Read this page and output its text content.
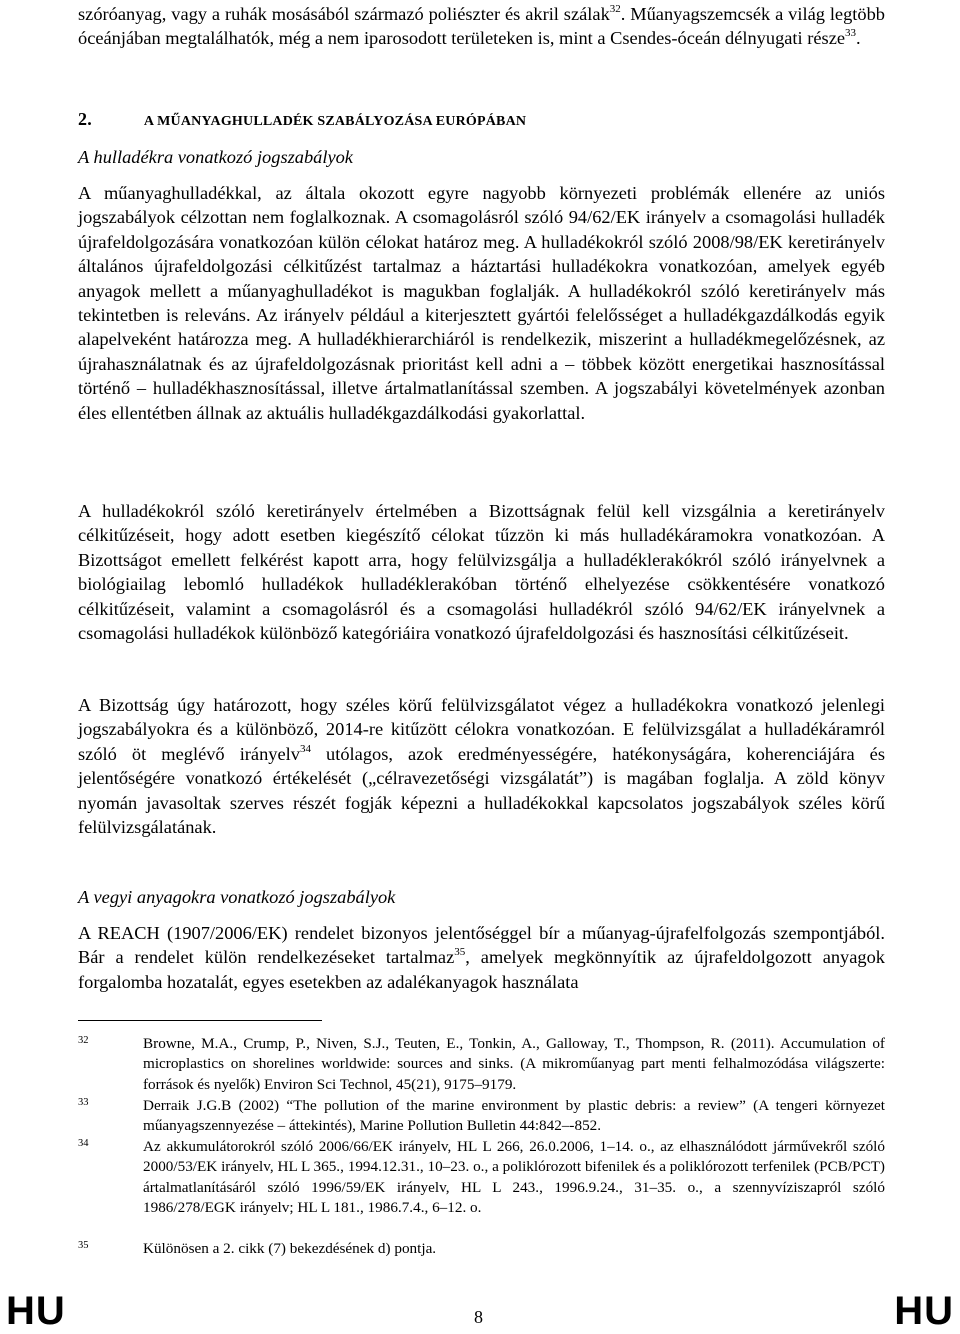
szóróanyag, vagy a ruhák mosásából származó poliészter és akril szálak$^{32}$. Műanyagszemcsék a világ legtöbb óceánjában megtalálhatók, még a nem iparosodott területeken is, mint a Csendes-óceán délnyugati része$^{33}$.

2.	A MŰANYAGHULLADÉK SZABÁLYOZÁSA EURÓPÁBAN

A hulladékra vonatkozó jogszabályok

A műanyaghulladékkal, az általa okozott egyre nagyobb környezeti problémák ellenére az uniós jogszabályok célzottan nem foglalkoznak. A csomagolásról szóló 94/62/EK irányelv a csomagolási hulladék újrafeldolgozására vonatkozóan külön célokat határoz meg. A hulladékokról szóló 2008/98/EK keretirányelv általános újrafeldolgozási célkitűzést tartalmaz a háztartási hulladékokra vonatkozóan, amelyek egyéb anyagok mellett a műanyaghulladékot is magukban foglalják. A hulladékokról szóló keretirányelv más tekintetben is releváns. Az irányelv például a kiterjesztett gyártói felelősséget a hulladékgazdálkodás egyik alapelveként határozza meg. A hulladékhierarchiáról is rendelkezik, miszerint a hulladékmegelőzésnek, az újrahasználatnak és az újrafeldolgozásnak prioritást kell adni a – többek között energetikai hasznosítással történő – hulladékhasznosítással, illetve ártalmatlanítással szemben. A jogszabályi követelmények azonban éles ellentétben állnak az aktuális hulladékgazdálkodási gyakorlattal.

A hulladékokról szóló keretirányelv értelmében a Bizottságnak felül kell vizsgálnia a keretirányelv célkitűzéseit, hogy adott esetben kiegészítő célokat tűzzön ki más hulladékáramokra vonatkozóan. A Bizottságot emellett felkérést kapott arra, hogy felülvizsgálja a hulladéklerakókról szóló irányelvnek a biológiailag lebomló hulladékok hulladéklerakóban történő elhelyezése csökkentésére vonatkozó célkitűzéseit, valamint a csomagolásról és a csomagolási hulladékról szóló 94/62/EK irányelvnek a csomagolási hulladékok különböző kategóriáira vonatkozó újrafeldolgozási és hasznosítási célkitűzéseit.

A Bizottság úgy határozott, hogy széles körű felülvizsgálatot végez a hulladékokra vonatkozó jelenlegi jogszabályokra és a különböző, 2014-re kitűzött célokra vonatkozóan. E felülvizsgálat a hulladékáramról szóló öt meglévő irányelv$^{34}$ utólagos, azok eredményességére, hatékonyságára, koherenciájára és jelentőségére vonatkozó értékelését („célravezetőségi vizsgálatát”) is magában foglalja. A zöld könyv nyomán javasoltak szerves részét fogják képezni a hulladékokkal kapcsolatos jogszabályok széles körű felülvizsgálatának.

A vegyi anyagokra vonatkozó jogszabályok

A REACH (1907/2006/EK) rendelet bizonyos jelentőséggel bír a műanyag-újrafelfolgozás szempontjából. Bár a rendelet külön rendelkezéseket tartalmaz$^{35}$, amelyek megkönnyítik az újrafeldolgozott anyagok forgalomba hozatalát, egyes esetekben az adalékanyagok használata

32	Browne, M.A., Crump, P., Niven, S.J., Teuten, E., Tonkin, A., Galloway, T., Thompson, R. (2011). Accumulation of microplastics on shorelines worldwide: sources and sinks. (A mikroműanyag part menti felhalmozódása világszerte: források és nyelők) Environ Sci Technol, 45(21), 9175–9179.
33	Derraik J.G.B (2002) “The pollution of the marine environment by plastic debris: a review” (A tengeri környezet műanyagszennyezése – áttekintés), Marine Pollution Bulletin 44:842–-852.
34	Az akkumulátorokról szóló 2006/66/EK irányelv, HL L 266, 26.0.2006, 1–14. o., az elhasználódott járművekről szóló 2000/53/EK irányelv, HL L 365., 1994.12.31., 10–23. o., a poliklórozott bifenilek és a poliklórozott terfenilek (PCB/PCT) ártalmatlanításáról szóló 1996/59/EK irányelv, HL L 243., 1996.9.24., 31–35. o., a szennyvíziszapról szóló 1986/278/EGK irányelv; HL L 181., 1986.7.4., 6–12. o.
35	Különösen a 2. cikk (7) bekezdésének d) pontja.
HU	8	HU
